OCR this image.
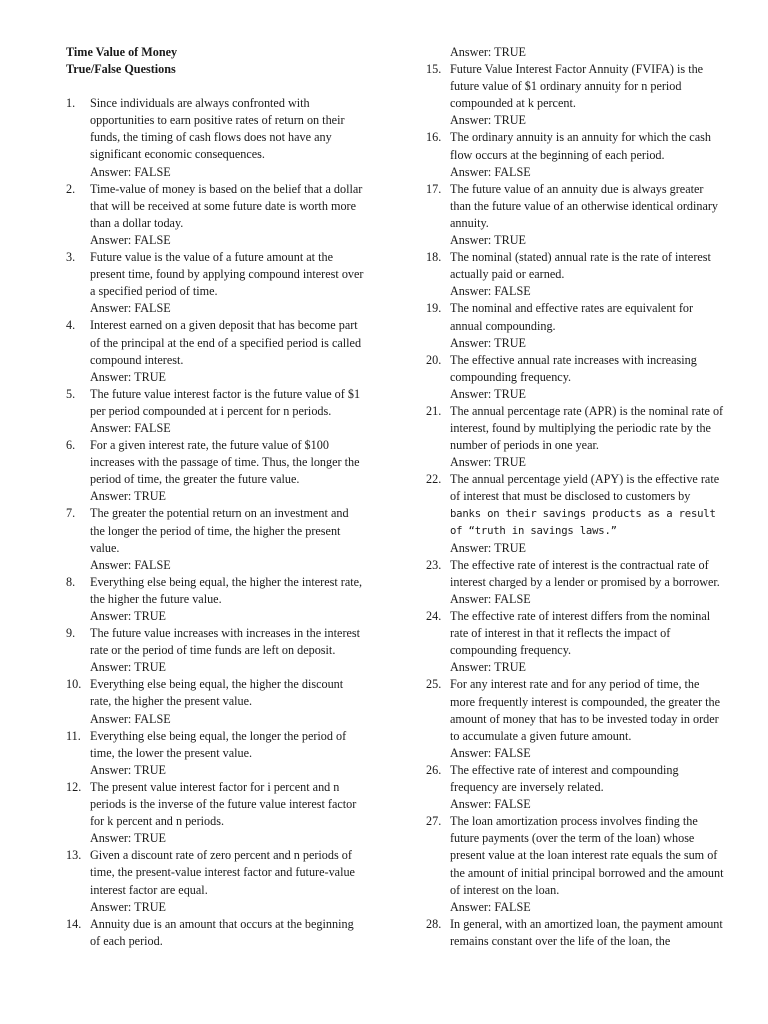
Time Value of Money
True/False Questions
1.	Since individuals are always confronted with opportunities to earn positive rates of return on their funds, the timing of cash flows does not have any significant economic consequences.
Answer: FALSE
2.	Time-value of money is based on the belief that a dollar that will be received at some future date is worth more than a dollar today.
Answer: FALSE
3.	Future value is the value of a future amount at the present time, found by applying compound interest over a specified period of time.
Answer: FALSE
4.	Interest earned on a given deposit that has become part of the principal at the end of a specified period is called compound interest.
Answer: TRUE
5.	The future value interest factor is the future value of $1 per period compounded at i percent for n periods.
Answer: FALSE
6.	For a given interest rate, the future value of $100 increases with the passage of time. Thus, the longer the period of time, the greater the future value.
Answer: TRUE
7.	The greater the potential return on an investment and the longer the period of time, the higher the present value.
Answer: FALSE
8.	Everything else being equal, the higher the interest rate, the higher the future value.
Answer: TRUE
9.	The future value increases with increases in the interest rate or the period of time funds are left on deposit.
Answer: TRUE
10. Everything else being equal, the higher the discount rate, the higher the present value.
Answer: FALSE
11. Everything else being equal, the longer the period of time, the lower the present value.
Answer: TRUE
12. The present value interest factor for i percent and n periods is the inverse of the future value interest factor for k percent and n periods.
Answer: TRUE
13. Given a discount rate of zero percent and n periods of time, the present-value interest factor and future-value interest factor are equal.
Answer: TRUE
14. Annuity due is an amount that occurs at the beginning of each period.
Answer: TRUE
15. Future Value Interest Factor Annuity (FVIFA) is the future value of $1 ordinary annuity for n period compounded at k percent.
Answer: TRUE
16. The ordinary annuity is an annuity for which the cash flow occurs at the beginning of each period.
Answer: FALSE
17. The future value of an annuity due is always greater than the future value of an otherwise identical ordinary annuity.
Answer: TRUE
18. The nominal (stated) annual rate is the rate of interest actually paid or earned.
Answer: FALSE
19. The nominal and effective rates are equivalent for annual compounding.
Answer: TRUE
20. The effective annual rate increases with increasing compounding frequency.
Answer: TRUE
21. The annual percentage rate (APR) is the nominal rate of interest, found by multiplying the periodic rate by the number of periods in one year.
Answer: TRUE
22. The annual percentage yield (APY) is the effective rate of interest that must be disclosed to customers by
banks on their savings products as a result of “truth in savings laws.”
Answer: TRUE
23. The effective rate of interest is the contractual rate of interest charged by a lender or promised by a borrower.
Answer: FALSE
24. The effective rate of interest differs from the nominal rate of interest in that it reflects the impact of compounding frequency.
Answer: TRUE
25. For any interest rate and for any period of time, the more frequently interest is compounded, the greater the amount of money that has to be invested today in order to accumulate a given future amount.
Answer: FALSE
26. The effective rate of interest and compounding frequency are inversely related.
Answer: FALSE
27. The loan amortization process involves finding the future payments (over the term of the loan) whose present value at the loan interest rate equals the sum of the amount of initial principal borrowed and the amount of interest on the loan.
Answer: FALSE
28. In general, with an amortized loan, the payment amount remains constant over the life of the loan, the
